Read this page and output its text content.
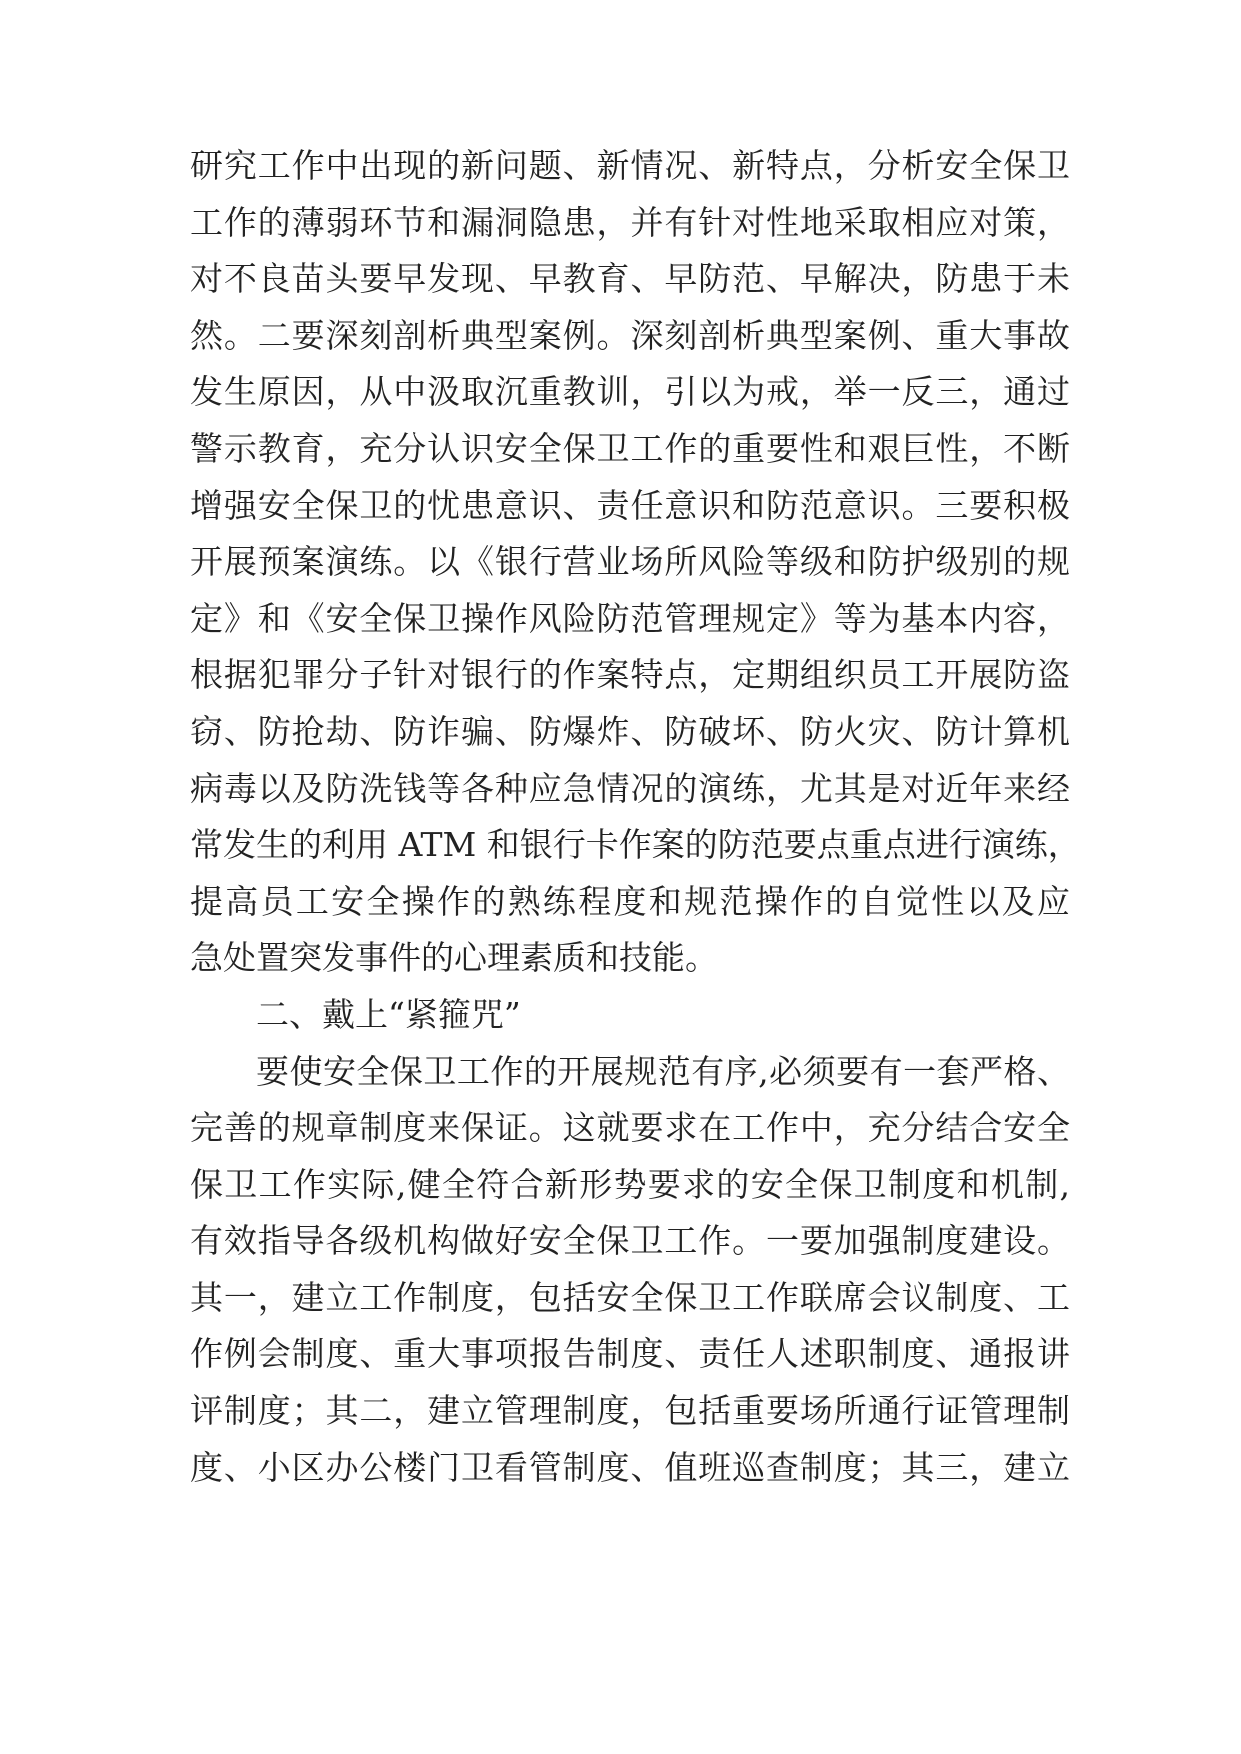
研究工作中出现的新问题、新情况、新特点，分析安全保卫
工作的薄弱环节和漏洞隐患，并有针对性地采取相应对策，
对不良苗头要早发现、早教育、早防范、早解决，防患于未
然。二要深刻剖析典型案例。深刻剖析典型案例、重大事故
发生原因，从中汲取沉重教训，引以为戒，举一反三，通过
警示教育，充分认识安全保卫工作的重要性和艰巨性，不断
增强安全保卫的忧患意识、责任意识和防范意识。三要积极
开展预案演练。以《银行营业场所风险等级和防护级别的规
定》和《安全保卫操作风险防范管理规定》等为基本内容，
根据犯罪分子针对银行的作案特点，定期组织员工开展防盗
窃、防抢劫、防诈骗、防爆炸、防破坏、防火灾、防计算机
病毒以及防洗钱等各种应急情况的演练，尤其是对近年来经
常发生的利用 ATM 和银行卡作案的防范要点重点进行演练，
提高员工安全操作的熟练程度和规范操作的自觉性以及应
急处置突发事件的心理素质和技能。
二、戴上“紧箍咒”
要使安全保卫工作的开展规范有序,必须要有一套严格、
完善的规章制度来保证。这就要求在工作中，充分结合安全
保卫工作实际,健全符合新形势要求的安全保卫制度和机制,
有效指导各级机构做好安全保卫工作。一要加强制度建设。
其一，建立工作制度，包括安全保卫工作联席会议制度、工
作例会制度、重大事项报告制度、责任人述职制度、通报讲
评制度；其二，建立管理制度，包括重要场所通行证管理制
度、小区办公楼门卫看管制度、值班巡查制度；其三，建立
